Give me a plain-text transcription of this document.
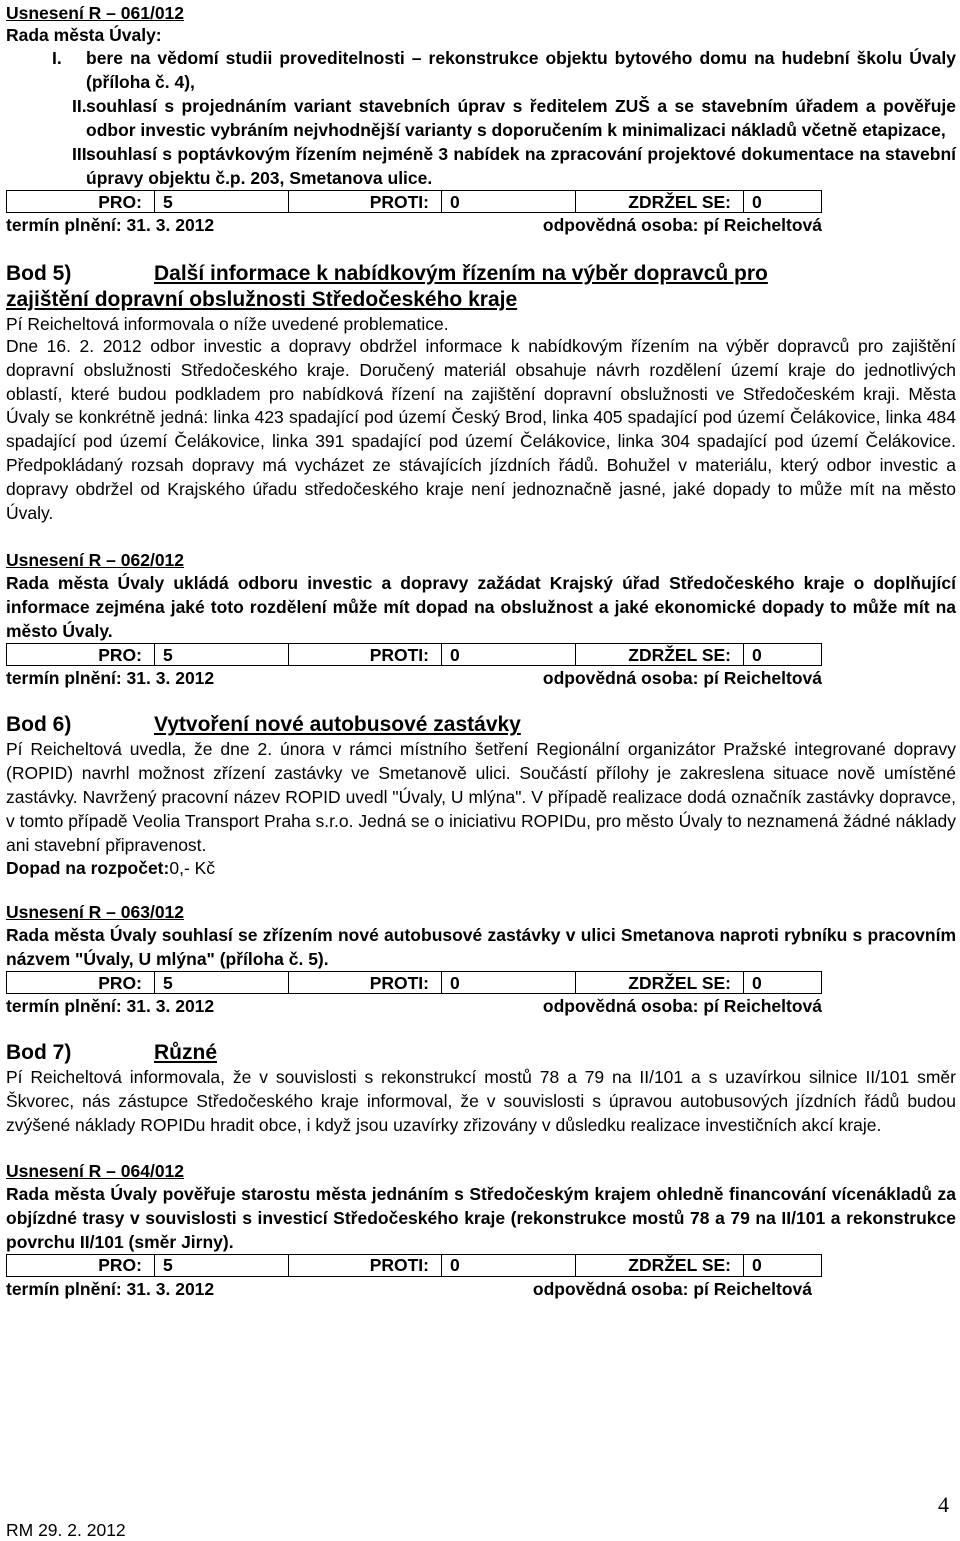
Usnesení R – 061/012
Rada města Úvaly:
I.	bere na vědomí studii proveditelnosti – rekonstrukce objektu bytového domu na hudební školu Úvaly (příloha č. 4),
II. souhlasí s projednáním variant stavebních úprav s ředitelem ZUŠ a se stavebním úřadem a pověřuje odbor investic vybráním nejvhodnější varianty s doporučením k minimalizaci nákladů včetně etapizace,
III.
souhlasí s poptávkovým řízením nejméně 3 nabídek na zpracování projektové dokumentace na stavební úpravy objektu č.p. 203, Smetanova ulice.
PRO:	5	PROTI:	0	ZDRŽEL SE:	0
termín plnění: 31. 3. 2012	odpovědná osoba: pí Reicheltová
Bod 5)	Další informace k nabídkovým řízením na výběr dopravců pro
zajištění dopravní obslužnosti Středočeského kraje
Pí Reicheltová informovala o níže uvedené problematice.
Dne 16. 2. 2012 odbor investic a dopravy obdržel informace k nabídkovým řízením na výběr dopravců pro zajištění dopravní obslužnosti Středočeského kraje. Doručený materiál obsahuje návrh rozdělení území kraje do jednotlivých oblastí, které budou podkladem pro nabídková řízení na zajištění dopravní obslužnosti ve Středočeském kraji. Města Úvaly se konkrétně jedná: linka 423 spadající pod území Český Brod, linka 405 spadající pod území Čelákovice, linka 484 spadající pod území Čelákovice, linka 391 spadající pod území Čelákovice, linka 304 spadající pod území Čelákovice. Předpokládaný rozsah dopravy má vycházet ze stávajících jízdních řádů. Bohužel v materiálu, který odbor investic a dopravy obdržel od Krajského úřadu středočeského kraje není jednoznačně jasné, jaké dopady to může mít na město Úvaly.
Usnesení R – 062/012
Rada města Úvaly ukládá odboru investic a dopravy zažádat Krajský úřad Středočeského kraje o doplňující informace zejména jaké toto rozdělení může mít dopad na obslužnost a jaké ekonomické dopady to může mít na město Úvaly.
PRO:	5	PROTI:	0	ZDRŽEL SE:	0
termín plnění: 31. 3. 2012	odpovědná osoba: pí Reicheltová
Bod 6)	Vytvoření nové autobusové zastávky
Pí Reicheltová uvedla, že dne 2. února v rámci místního šetření Regionální organizátor Pražské integrované dopravy (ROPID) navrhl možnost zřízení zastávky ve Smetanově ulici. Součástí přílohy je zakreslena situace nově umístěné zastávky. Navržený pracovní název ROPID uvedl "Úvaly, U mlýna". V případě realizace dodá označník zastávky dopravce, v tomto případě Veolia Transport Praha s.r.o. Jedná se o iniciativu ROPIDu, pro město Úvaly to neznamená žádné náklady ani stavební připravenost.
Dopad na rozpočet:0,- Kč
Usnesení R – 063/012
Rada města Úvaly souhlasí se zřízením nové autobusové zastávky v ulici Smetanova naproti rybníku s pracovním názvem "Úvaly, U mlýna" (příloha č. 5).
PRO:	5	PROTI:	0	ZDRŽEL SE:	0
termín plnění: 31. 3. 2012	odpovědná osoba: pí Reicheltová
Bod 7)	Různé
Pí Reicheltová informovala, že v souvislosti s rekonstrukcí mostů 78 a 79 na II/101 a s uzavírkou silnice II/101 směr Škvorec, nás zástupce Středočeského kraje informoval, že v souvislosti s úpravou autobusových jízdních řádů budou zvýšené náklady ROPIDu hradit obce, i když jsou uzavírky zřizovány v důsledku realizace investičních akcí kraje.
Usnesení R – 064/012
Rada města Úvaly pověřuje starostu města jednáním s Středočeským krajem ohledně financování vícenákladů za objízdné trasy v souvislosti s investicí Středočeského kraje (rekonstrukce mostů 78 a 79 na II/101 a rekonstrukce povrchu II/101 (směr Jirny).
PRO:	5	PROTI:	0	ZDRŽEL SE:	0
termín plnění: 31. 3. 2012	odpovědná osoba: pí Reicheltová
4
RM 29. 2. 2012
